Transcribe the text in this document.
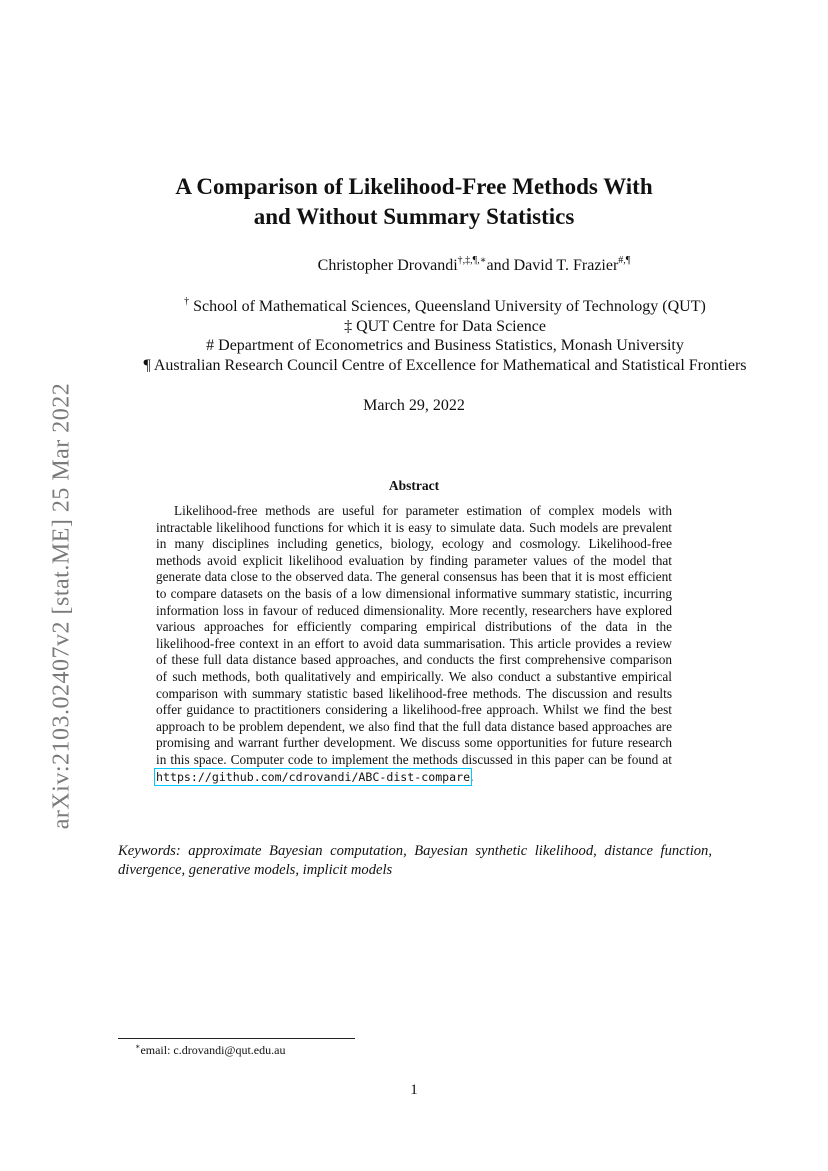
arXiv:2103.02407v2 [stat.ME] 25 Mar 2022
A Comparison of Likelihood-Free Methods With
and Without Summary Statistics
Christopher Drovandi†,‡,¶,∗and David T. Frazier#,¶
† School of Mathematical Sciences, Queensland University of Technology (QUT)
‡ QUT Centre for Data Science
# Department of Econometrics and Business Statistics, Monash University
¶ Australian Research Council Centre of Excellence for Mathematical and Statistical Frontiers
March 29, 2022
Abstract
Likelihood-free methods are useful for parameter estimation of complex models with intractable likelihood functions for which it is easy to simulate data. Such models are prevalent in many disciplines including genetics, biology, ecology and cosmology. Likelihood-free methods avoid explicit likelihood evaluation by finding parameter values of the model that generate data close to the observed data. The general consensus has been that it is most efficient to compare datasets on the basis of a low dimensional informative summary statistic, incurring information loss in favour of reduced dimensionality. More recently, researchers have explored various approaches for efficiently comparing empirical distributions of the data in the likelihood-free context in an effort to avoid data summarisation. This article provides a review of these full data distance based approaches, and conducts the first comprehensive comparison of such methods, both qualitatively and empirically. We also conduct a substantive empirical comparison with summary statistic based likelihood-free methods. The discussion and results offer guidance to practitioners considering a likelihood-free approach. Whilst we find the best approach to be problem dependent, we also find that the full data distance based approaches are promising and warrant further development. We discuss some opportunities for future research in this space. Computer code to implement the methods discussed in this paper can be found at https://github.com/cdrovandi/ABC-dist-compare.
Keywords: approximate Bayesian computation, Bayesian synthetic likelihood, distance function, divergence, generative models, implicit models
∗email: c.drovandi@qut.edu.au
1
